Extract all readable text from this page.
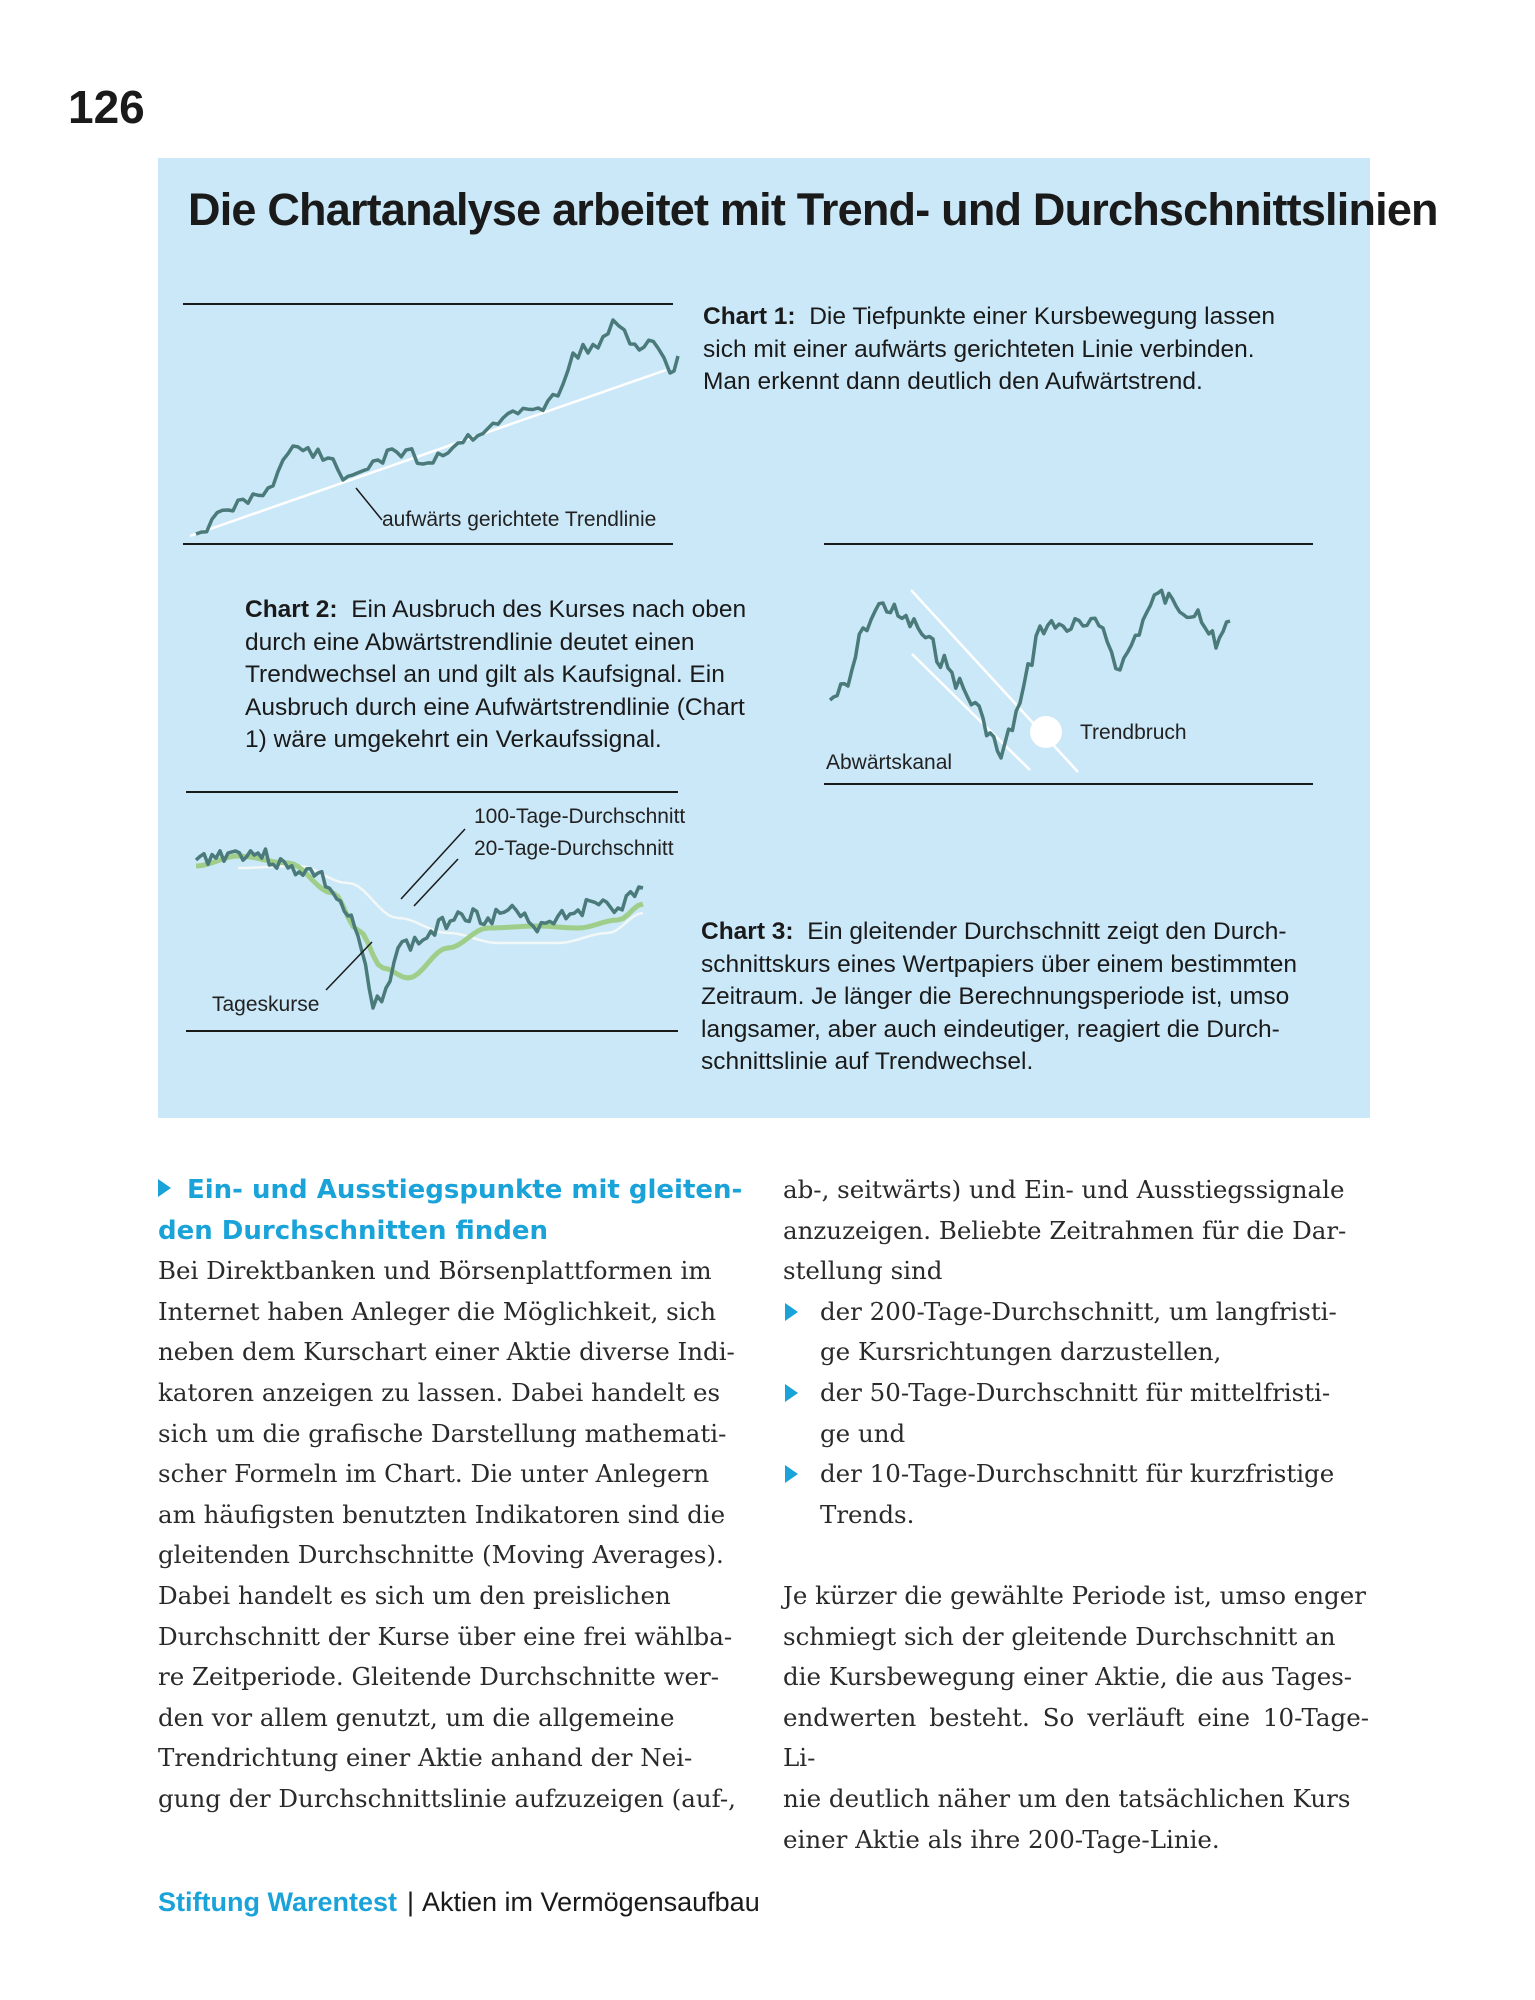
126
Die Chartanalyse arbeitet mit Trend- und Durchschnittslinien
aufwärts gerichtete Trendlinie
Abwärtskanal
Trendbruch
100-Tage-Durchschnitt
20-Tage-Durchschnitt
Tageskurse
Chart 1: Die Tiefpunkte einer Kursbewegung lassen
sich mit einer aufwärts gerichteten Linie verbinden.
Man erkennt dann deutlich den Aufwärtstrend.
Chart 2: Ein Ausbruch des Kurses nach oben
durch eine Abwärtstrendlinie deutet einen
Trendwechsel an und gilt als Kaufsignal. Ein
Ausbruch durch eine Aufwärtstrendlinie (Chart
1) wäre umgekehrt ein Verkaufssignal.
Chart 3: Ein gleitender Durchschnitt zeigt den Durch-
schnittskurs eines Wertpapiers über einem bestimmten
Zeitraum. Je länger die Berechnungsperiode ist, umso
langsamer, aber auch eindeutiger, reagiert die Durch-
schnittslinie auf Trendwechsel.
Ein- und Ausstiegspunkte mit gleiten-
den Durchschnitten finden
Bei Direktbanken und Börsenplattformen im
Internet haben Anleger die Möglichkeit, sich
neben dem Kurschart einer Aktie diverse Indi-
katoren anzeigen zu lassen. Dabei handelt es
sich um die grafische Darstellung mathemati-
scher Formeln im Chart. Die unter Anlegern
am häufigsten benutzten Indikatoren sind die
gleitenden Durchschnitte (Moving Averages).
Dabei handelt es sich um den preislichen
Durchschnitt der Kurse über eine frei wählba-
re Zeitperiode. Gleitende Durchschnitte wer-
den vor allem genutzt, um die allgemeine
Trendrichtung einer Aktie anhand der Nei-
gung der Durchschnittslinie aufzuzeigen (auf-,
ab-, seitwärts) und Ein- und Ausstiegssignale
anzuzeigen. Beliebte Zeitrahmen für die Dar-
stellung sind
der 200-Tage-Durchschnitt, um langfristi-
ge Kursrichtungen darzustellen,
der 50-Tage-Durchschnitt für mittelfristi-
ge und
der 10-Tage-Durchschnitt für kurzfristige
Trends.
Je kürzer die gewählte Periode ist, umso enger
schmiegt sich der gleitende Durchschnitt an
die Kursbewegung einer Aktie, die aus Tages-
endwerten besteht. So verläuft eine 10-Tage-Li-
nie deutlich näher um den tatsächlichen Kurs
einer Aktie als ihre 200-Tage-Linie.
Stiftung Warentest | Aktien im Vermögensaufbau
